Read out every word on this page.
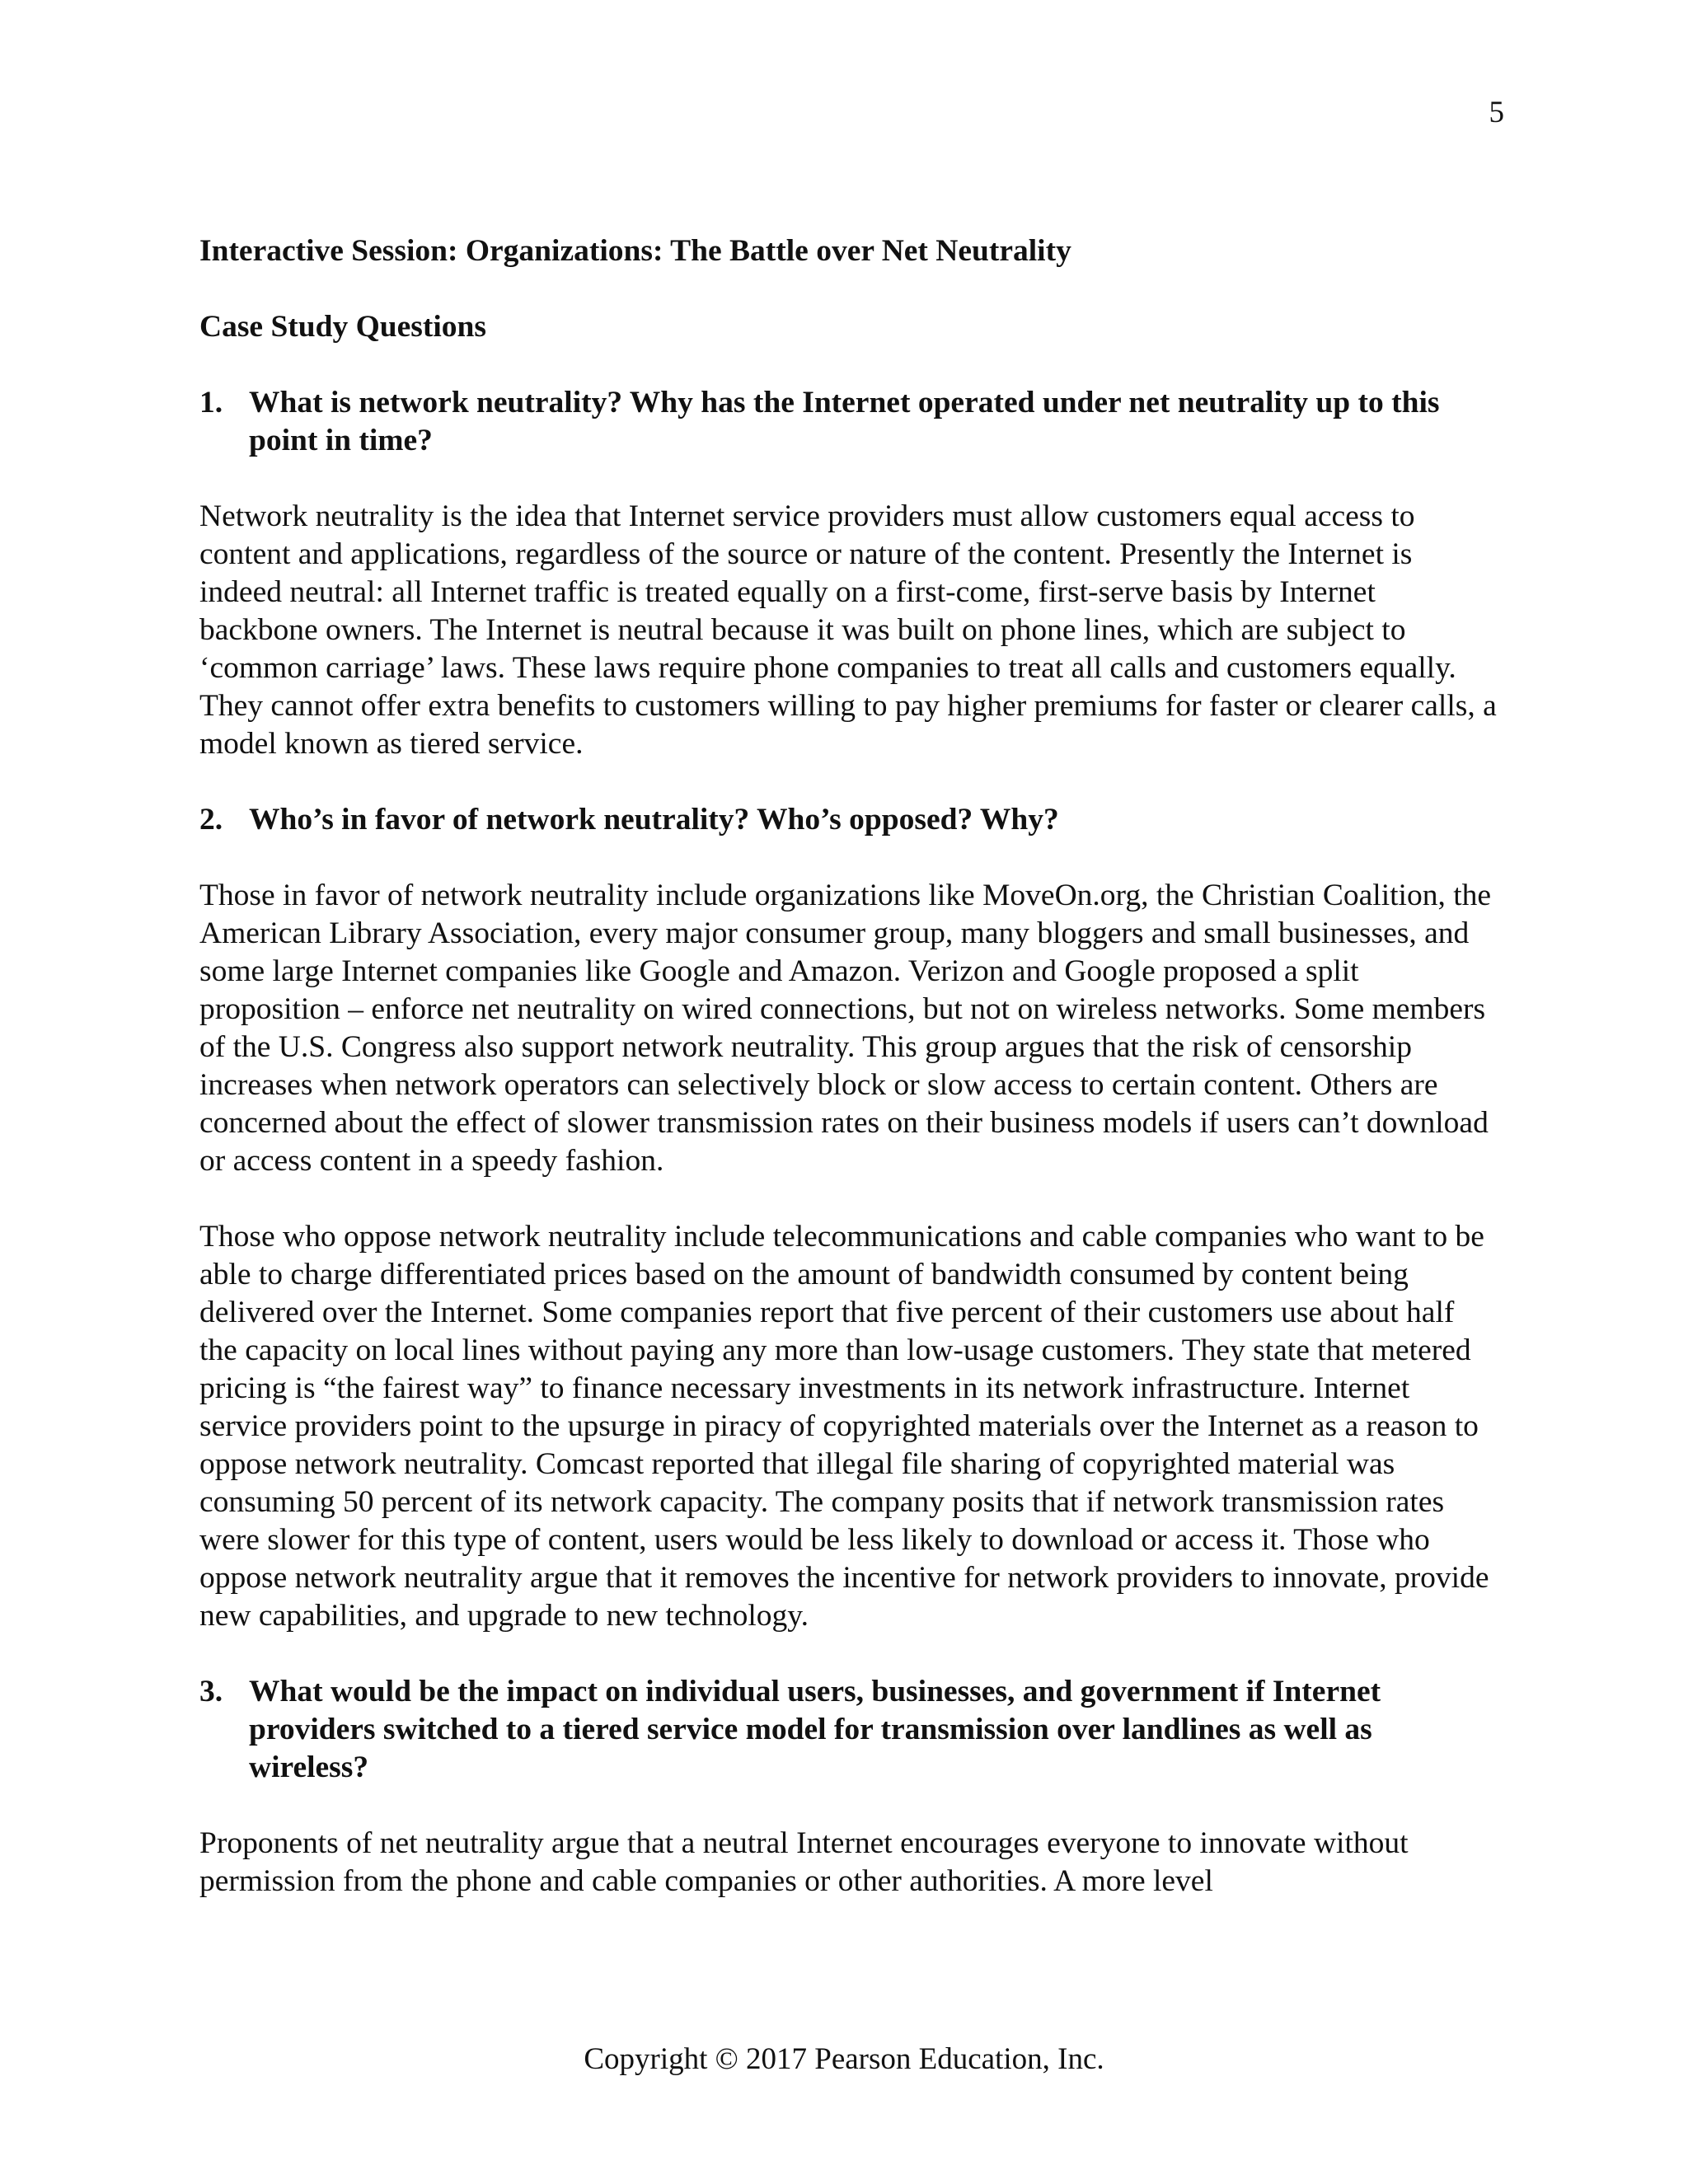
5

Interactive Session: Organizations: The Battle over Net Neutrality

Case Study Questions

1. What is network neutrality? Why has the Internet operated under net neutrality up to this point in time?

Network neutrality is the idea that Internet service providers must allow customers equal access to content and applications, regardless of the source or nature of the content. Presently the Internet is indeed neutral: all Internet traffic is treated equally on a first-come, first-serve basis by Internet backbone owners. The Internet is neutral because it was built on phone lines, which are subject to ‘common carriage’ laws. These laws require phone companies to treat all calls and customers equally. They cannot offer extra benefits to customers willing to pay higher premiums for faster or clearer calls, a model known as tiered service.

2. Who’s in favor of network neutrality? Who’s opposed? Why?

Those in favor of network neutrality include organizations like MoveOn.org, the Christian Coalition, the American Library Association, every major consumer group, many bloggers and small businesses, and some large Internet companies like Google and Amazon. Verizon and Google proposed a split proposition – enforce net neutrality on wired connections, but not on wireless networks. Some members of the U.S. Congress also support network neutrality. This group argues that the risk of censorship increases when network operators can selectively block or slow access to certain content. Others are concerned about the effect of slower transmission rates on their business models if users can’t download or access content in a speedy fashion.

Those who oppose network neutrality include telecommunications and cable companies who want to be able to charge differentiated prices based on the amount of bandwidth consumed by content being delivered over the Internet. Some companies report that five percent of their customers use about half the capacity on local lines without paying any more than low-usage customers. They state that metered pricing is “the fairest way” to finance necessary investments in its network infrastructure. Internet service providers point to the upsurge in piracy of copyrighted materials over the Internet as a reason to oppose network neutrality. Comcast reported that illegal file sharing of copyrighted material was consuming 50 percent of its network capacity. The company posits that if network transmission rates were slower for this type of content, users would be less likely to download or access it. Those who oppose network neutrality argue that it removes the incentive for network providers to innovate, provide new capabilities, and upgrade to new technology.

3. What would be the impact on individual users, businesses, and government if Internet providers switched to a tiered service model for transmission over landlines as well as wireless?

Proponents of net neutrality argue that a neutral Internet encourages everyone to innovate without permission from the phone and cable companies or other authorities. A more level

Copyright © 2017 Pearson Education, Inc.
